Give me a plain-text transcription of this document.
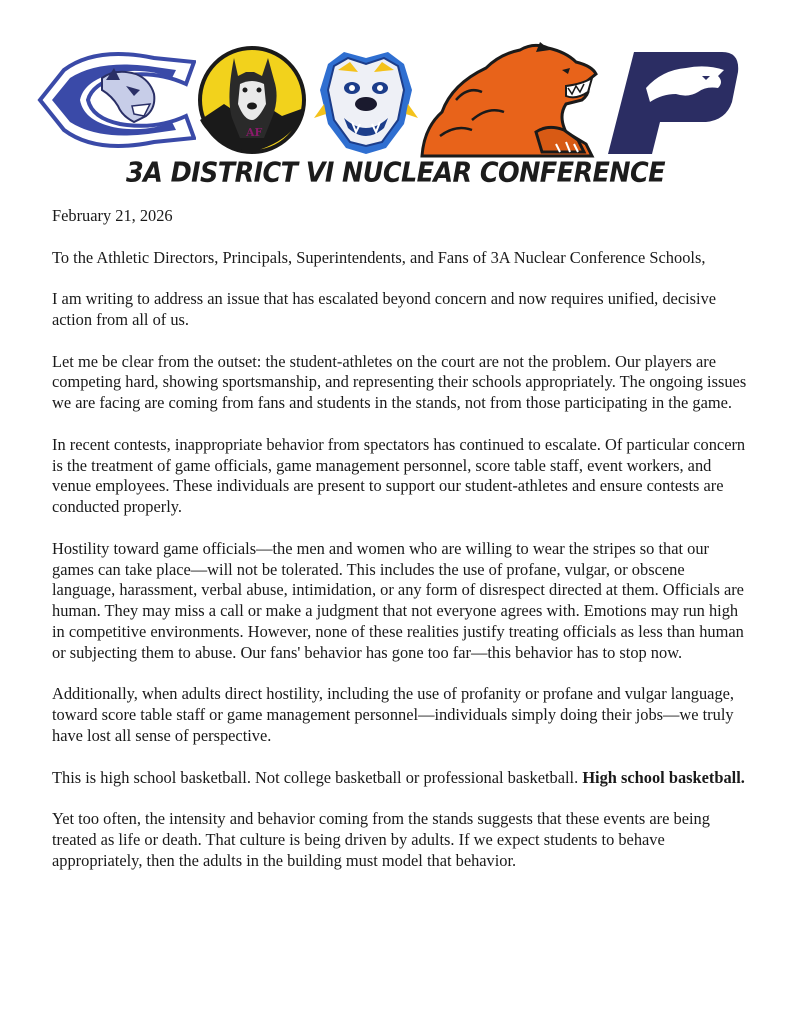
AF
3A DISTRICT VI NUCLEAR CONFERENCE

February 21, 2026

To the Athletic Directors, Principals, Superintendents, and Fans of 3A Nuclear Conference Schools,

I am writing to address an issue that has escalated beyond concern and now requires unified, decisive action from all of us.

Let me be clear from the outset: the student-athletes on the court are not the problem. Our players are competing hard, showing sportsmanship, and representing their schools appropriately. The ongoing issues we are facing are coming from fans and students in the stands, not from those participating in the game.

In recent contests, inappropriate behavior from spectators has continued to escalate. Of particular concern is the treatment of game officials, game management personnel, score table staff, event workers, and venue employees. These individuals are present to support our student-athletes and ensure contests are conducted properly.

Hostility toward game officials—the men and women who are willing to wear the stripes so that our games can take place—will not be tolerated. This includes the use of profane, vulgar, or obscene language, harassment, verbal abuse, intimidation, or any form of disrespect directed at them. Officials are human. They may miss a call or make a judgment that not everyone agrees with. Emotions may run high in competitive environments. However, none of these realities justify treating officials as less than human or subjecting them to abuse. Our fans' behavior has gone too far—this behavior has to stop now.

Additionally, when adults direct hostility, including the use of profanity or profane and vulgar language, toward score table staff or game management personnel—individuals simply doing their jobs—we truly have lost all sense of perspective.

This is high school basketball. Not college basketball or professional basketball. High school basketball.

Yet too often, the intensity and behavior coming from the stands suggests that these events are being treated as life or death. That culture is being driven by adults. If we expect students to behave appropriately, then the adults in the building must model that behavior.
